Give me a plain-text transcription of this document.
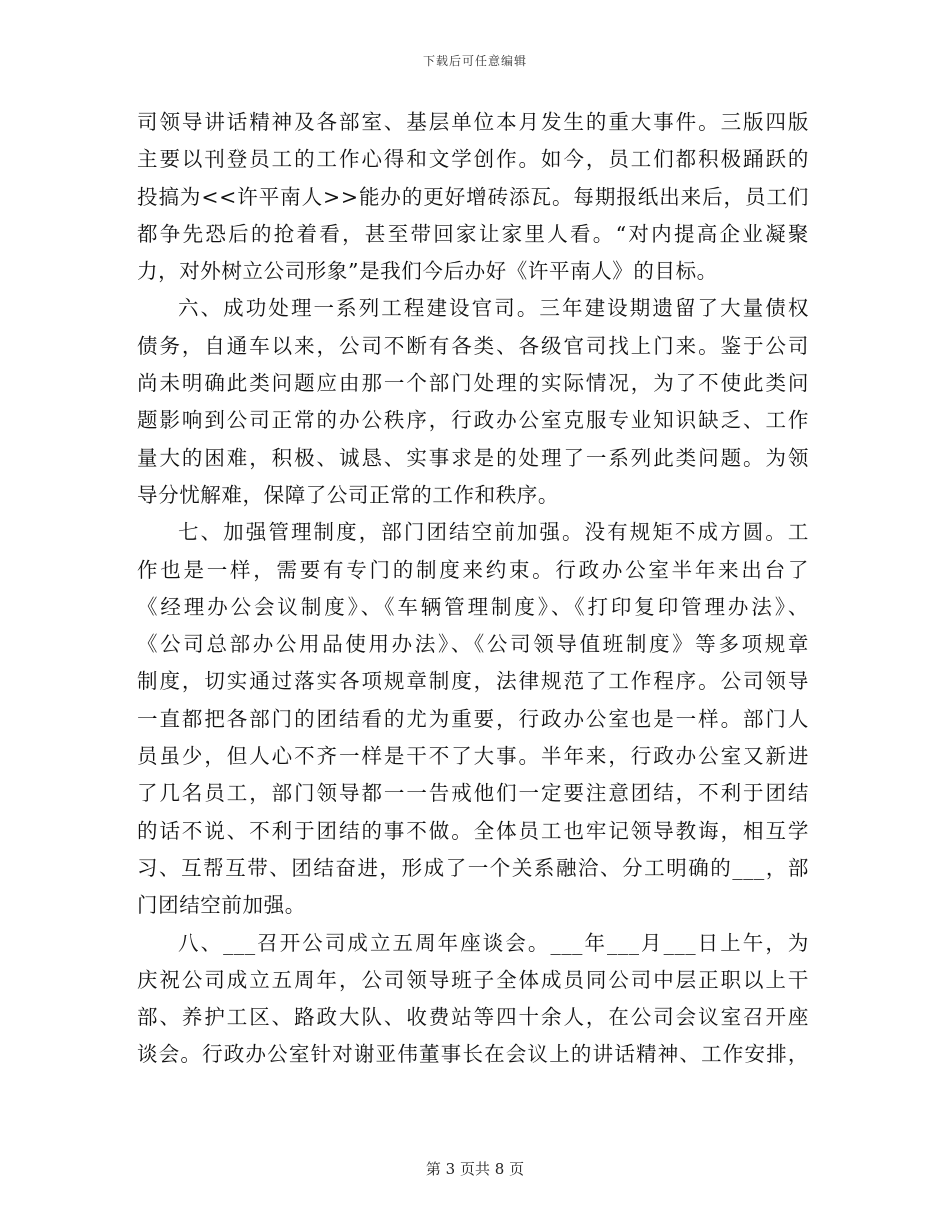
下载后可任意编辑
司领导讲话精神及各部室、基层单位本月发生的重大事件。三版四版
主要以刊登员工的工作心得和文学创作。如今，员工们都积极踊跃的
投搞为<<许平南人>>能办的更好增砖添瓦。每期报纸出来后，员工们
都争先恐后的抢着看，甚至带回家让家里人看。“对内提高企业凝聚
力，对外树立公司形象”是我们今后办好《许平南人》的目标。
六、成功处理一系列工程建设官司。三年建设期遗留了大量债权
债务，自通车以来，公司不断有各类、各级官司找上门来。鉴于公司
尚未明确此类问题应由那一个部门处理的实际情况，为了不使此类问
题影响到公司正常的办公秩序，行政办公室克服专业知识缺乏、工作
量大的困难，积极、诚恳、实事求是的处理了一系列此类问题。为领
导分忧解难，保障了公司正常的工作和秩序。
七、加强管理制度，部门团结空前加强。没有规矩不成方圆。工
作也是一样，需要有专门的制度来约束。行政办公室半年来出台了
《经理办公会议制度》、《车辆管理制度》、《打印复印管理办法》、
《公司总部办公用品使用办法》、《公司领导值班制度》等多项规章
制度，切实通过落实各项规章制度，法律规范了工作程序。公司领导
一直都把各部门的团结看的尤为重要，行政办公室也是一样。部门人
员虽少，但人心不齐一样是干不了大事。半年来，行政办公室又新进
了几名员工，部门领导都一一告戒他们一定要注意团结，不利于团结
的话不说、不利于团结的事不做。全体员工也牢记领导教诲，相互学
习、互帮互带、团结奋进，形成了一个关系融洽、分工明确的___，部
门团结空前加强。
八、___召开公司成立五周年座谈会。___年___月___日上午，为
庆祝公司成立五周年，公司领导班子全体成员同公司中层正职以上干
部、养护工区、路政大队、收费站等四十余人，在公司会议室召开座
谈会。行政办公室针对谢亚伟董事长在会议上的讲话精神、工作安排，
第 3 页共 8 页
